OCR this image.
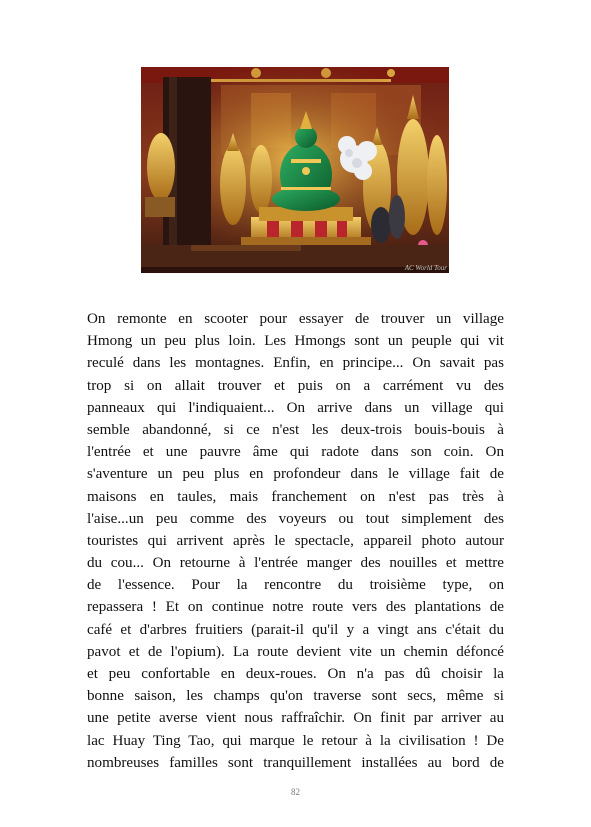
AC World Tour
On remonte en scooter pour essayer de trouver un village
Hmong un peu plus loin. Les Hmongs sont un peuple qui vit
reculé dans les montagnes. Enfin, en principe... On savait pas
trop si on allait trouver et puis on a carrément vu des
panneaux qui l'indiquaient... On arrive dans un village qui
semble abandonné, si ce n'est les deux-trois bouis-bouis à
l'entrée et une pauvre âme qui radote dans son coin. On
s'aventure un peu plus en profondeur dans le village fait de
maisons en taules, mais franchement on n'est pas très à
l'aise...un peu comme des voyeurs ou tout simplement des
touristes qui arrivent après le spectacle, appareil photo autour
du cou... On retourne à l'entrée manger des nouilles et mettre
de l'essence. Pour la rencontre du troisième type, on
repassera ! Et on continue notre route vers des plantations de
café et d'arbres fruitiers (parait-il qu'il y a vingt ans c'était du
pavot et de l'opium). La route devient vite un chemin défoncé
et peu confortable en deux-roues. On n'a pas dû choisir la
bonne saison, les champs qu'on traverse sont secs, même si
une petite averse vient nous raffraîchir. On finit par arriver au
lac Huay Ting Tao, qui marque le retour à la civilisation ! De
nombreuses familles sont tranquillement installées au bord de
82
